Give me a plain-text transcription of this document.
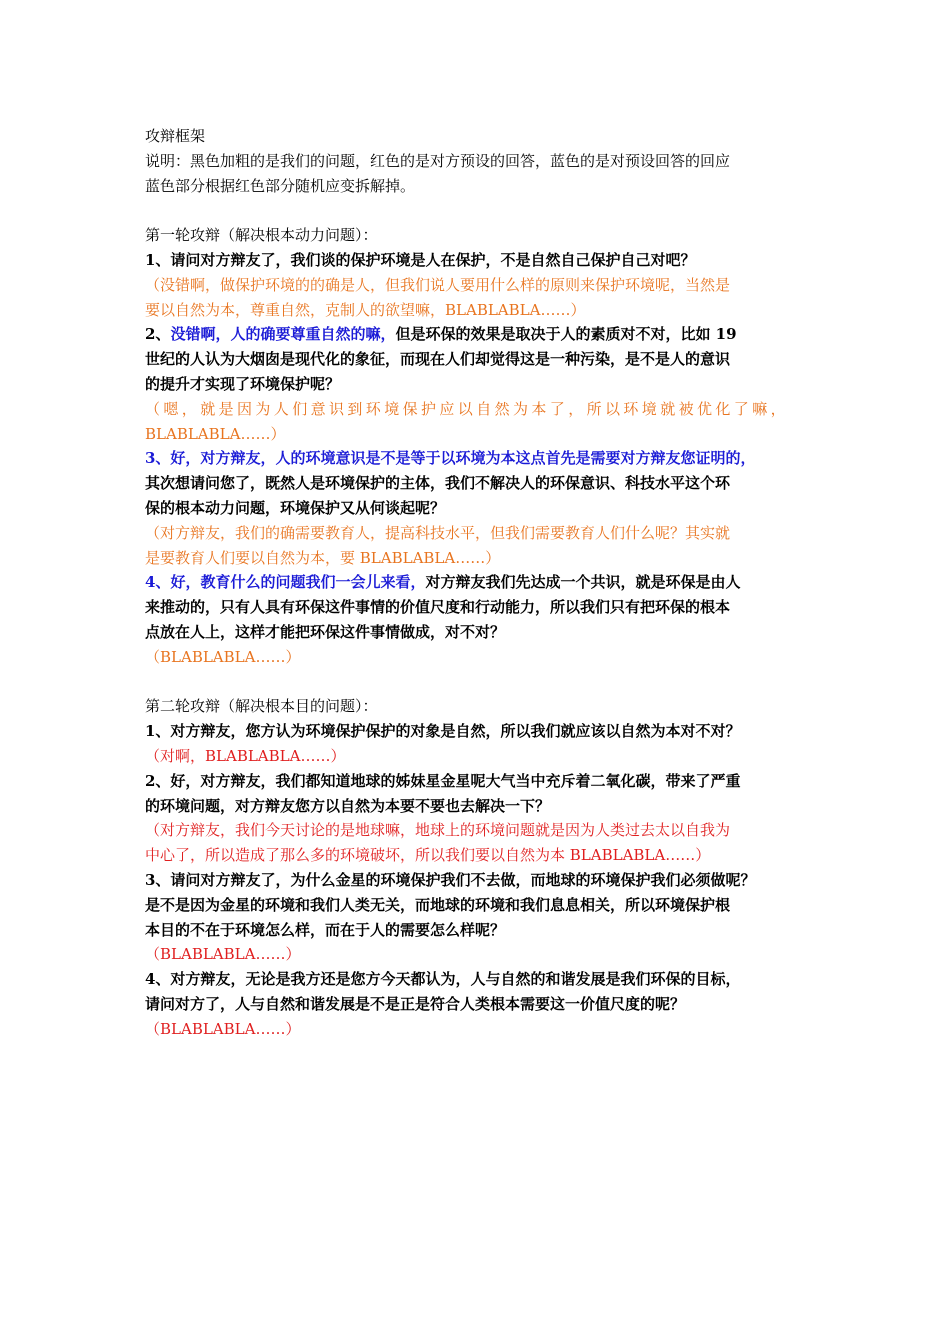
攻辩框架

说明：黑色加粗的是我们的问题，红色的是对方预设的回答，蓝色的是对预设回答的回应

蓝色部分根据红色部分随机应变拆解掉。

第一轮攻辩（解决根本动力问题）：

1、请问对方辩友了，我们谈的保护环境是人在保护，不是自然自己保护自己对吧？

（没错啊，做保护环境的的确是人，但我们说人要用什么样的原则来保护环境呢，当然是

要以自然为本，尊重自然，克制人的欲望嘛，BLABLABLA……）

2、没错啊，人的确要尊重自然的嘛，但是环保的效果是取决于人的素质对不对，比如 19

世纪的人认为大烟囱是现代化的象征，而现在人们却觉得这是一种污染，是不是人的意识

的提升才实现了环境保护呢？

（嗯，就是因为人们意识到环境保护应以自然为本了，所以环境就被优化了嘛，

BLABLABLA……）

3、好，对方辩友，人的环境意识是不是等于以环境为本这点首先是需要对方辩友您证明的，

其次想请问您了，既然人是环境保护的主体，我们不解决人的环保意识、科技水平这个环

保的根本动力问题，环境保护又从何谈起呢？

（对方辩友，我们的确需要教育人，提高科技水平，但我们需要教育人们什么呢？其实就

是要教育人们要以自然为本，要 BLABLABLA……）

4、好，教育什么的问题我们一会儿来看，对方辩友我们先达成一个共识，就是环保是由人

来推动的，只有人具有环保这件事情的价值尺度和行动能力，所以我们只有把环保的根本

点放在人上，这样才能把环保这件事情做成，对不对？

（BLABLABLA……）

第二轮攻辩（解决根本目的问题）：

1、对方辩友，您方认为环境保护保护的对象是自然，所以我们就应该以自然为本对不对？

（对啊，BLABLABLA……）

2、好，对方辩友，我们都知道地球的姊妹星金星呢大气当中充斥着二氧化碳，带来了严重

的环境问题，对方辩友您方以自然为本要不要也去解决一下？

（对方辩友，我们今天讨论的是地球嘛，地球上的环境问题就是因为人类过去太以自我为

中心了，所以造成了那么多的环境破坏，所以我们要以自然为本 BLABLABLA……）

3、请问对方辩友了，为什么金星的环境保护我们不去做，而地球的环境保护我们必须做呢？

是不是因为金星的环境和我们人类无关，而地球的环境和我们息息相关，所以环境保护根

本目的不在于环境怎么样，而在于人的需要怎么样呢？

（BLABLABLA……）

4、对方辩友，无论是我方还是您方今天都认为，人与自然的和谐发展是我们环保的目标，

请问对方了，人与自然和谐发展是不是正是符合人类根本需要这一价值尺度的呢？

（BLABLABLA……）
